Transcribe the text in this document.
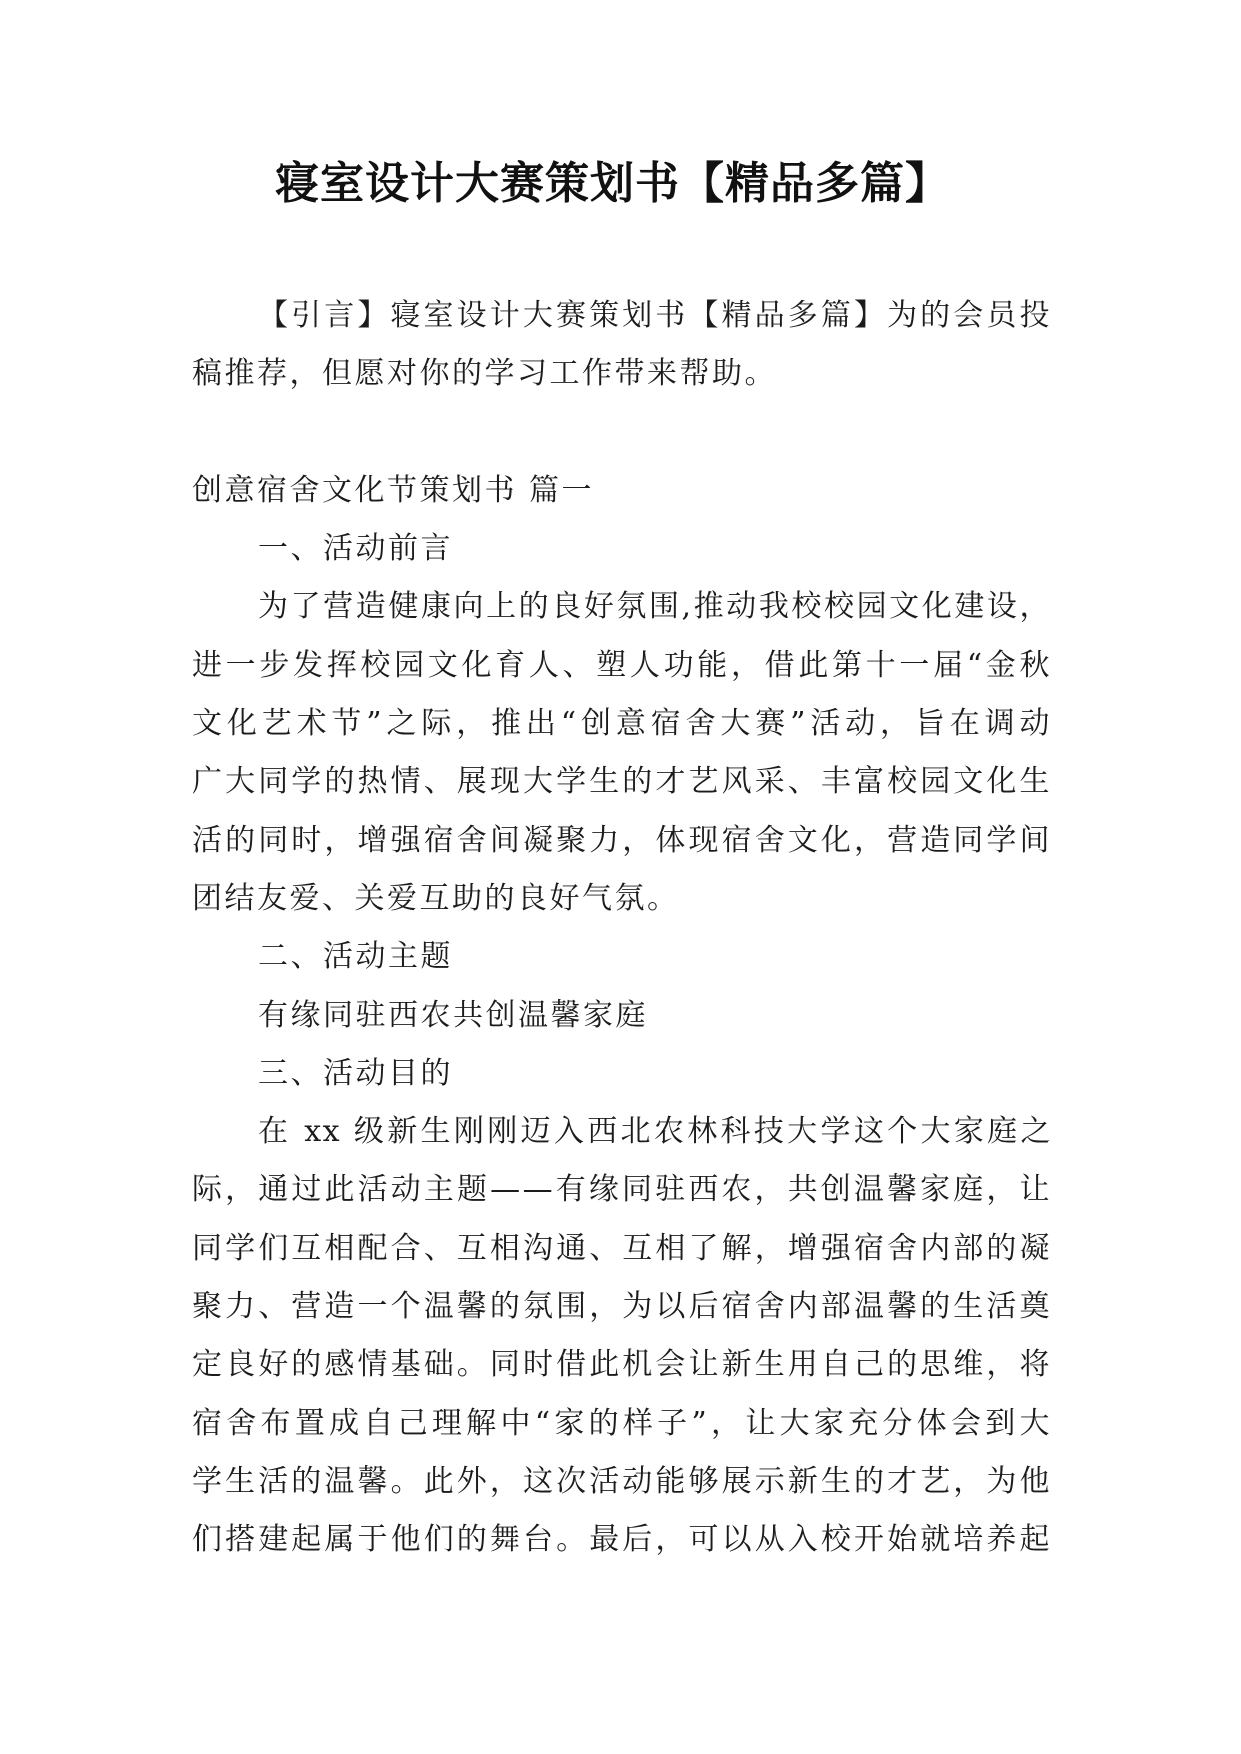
寝室设计大赛策划书【精品多篇】
【引言】寝室设计大赛策划书【精品多篇】为的会员投
稿推荐，但愿对你的学习工作带来帮助。
创意宿舍文化节策划书 篇一
一、活动前言
为了营造健康向上的良好氛围,推动我校校园文化建设，
进一步发挥校园文化育人、塑人功能，借此第十一届“金秋
文化艺术节”之际，推出“创意宿舍大赛”活动，旨在调动
广大同学的热情、展现大学生的才艺风采、丰富校园文化生
活的同时，增强宿舍间凝聚力，体现宿舍文化，营造同学间
团结友爱、关爱互助的良好气氛。
二、活动主题
有缘同驻西农共创温馨家庭
三、活动目的
在 xx 级新生刚刚迈入西北农林科技大学这个大家庭之
际，通过此活动主题——有缘同驻西农，共创温馨家庭，让
同学们互相配合、互相沟通、互相了解，增强宿舍内部的凝
聚力、营造一个温馨的氛围，为以后宿舍内部温馨的生活奠
定良好的感情基础。同时借此机会让新生用自己的思维，将
宿舍布置成自己理解中“家的样子”，让大家充分体会到大
学生活的温馨。此外，这次活动能够展示新生的才艺，为他
们搭建起属于他们的舞台。最后，可以从入校开始就培养起
